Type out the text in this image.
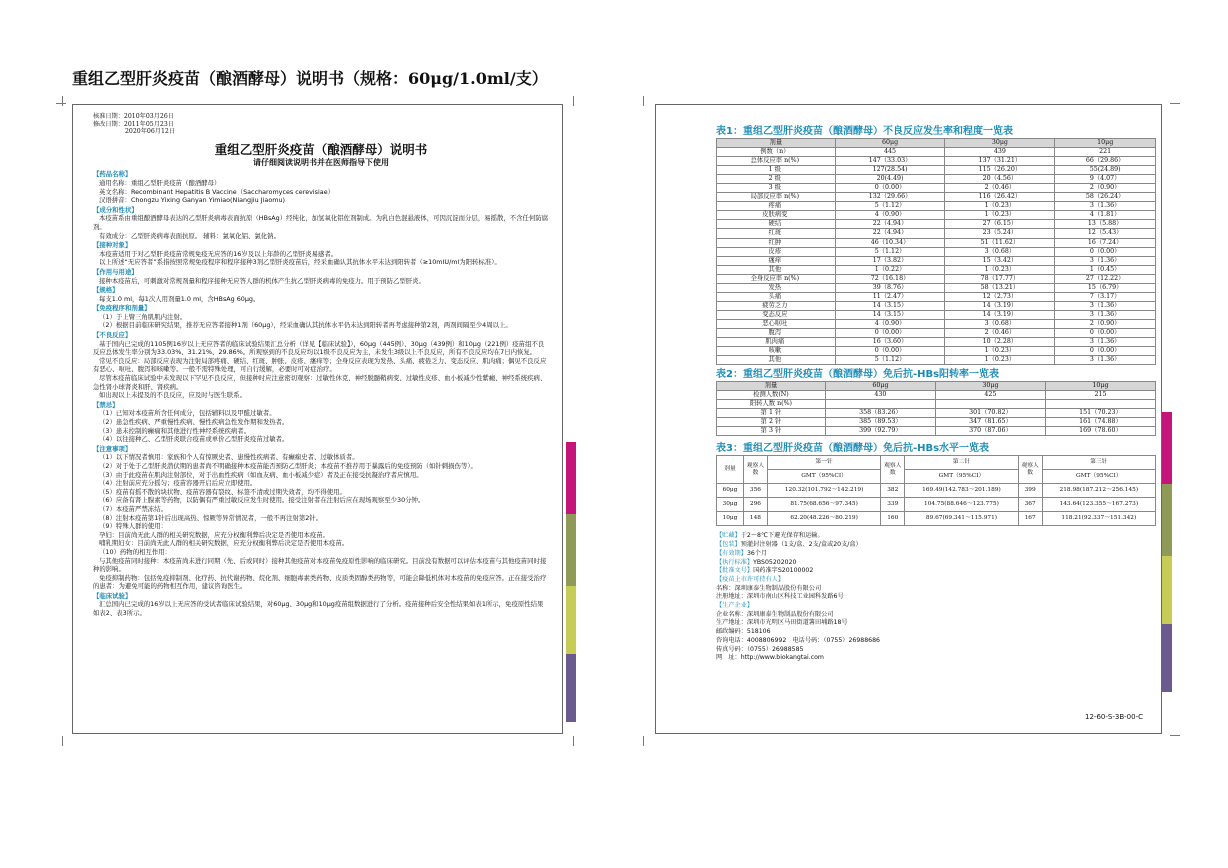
重组乙型肝炎疫苗（酿酒酵母）说明书（规格：60μg/1.0ml/支）
核准日期：2010年03月26日
修改日期：2011年05月23日
2020年06月12日
重组乙型肝炎疫苗（酿酒酵母）说明书
请仔细阅读说明书并在医师指导下使用
【药品名称】

通用名称：重组乙型肝炎疫苗（酿酒酵母）

英文名称：Recombinant Hepatitis B Vaccine（Saccharomyces cerevisiae）

汉语拼音：Chongzu Yixing Ganyan Yimiao(Niangjiu Jiaomu)

【成分和性状】

本疫苗系由重组酿酒酵母表达的乙型肝炎病毒表面抗原（HBsAg）经纯化，加氢氧化铝佐剂制成。为乳白色混悬液体，可因沉淀而分层，易摇散，不含任何防腐剂。

有效成分：乙型肝炎病毒表面抗原。 辅料：氯氧化铝、氯化钠。

【接种对象】

本疫苗适用于对乙型肝炎疫苗常规免疫无应答的16岁及以上年龄的乙型肝炎易感者。

以上所述“无应答者”系指按照常规免疫程序和程序接种3剂乙型肝炎疫苗后，经采血确认其抗体水平未达到阳转者（≥10mIU/ml为阳转标准）。

【作用与用途】

接种本疫苗后，可刺激对常规剂量和程序接种无应答人群的机体产生抗乙型肝炎病毒的免疫力。用于预防乙型肝炎。

【规格】

每支1.0 ml，每1次人用剂量1.0 ml，含HBsAg 60μg。

【免疫程序和剂量】

（1）于上臂三角肌肌内注射。

（2）根据目前临床研究结果，推荐无应答者接种1剂（60μg），经采血确认其抗体水平仍未达到阳转者再考虑接种第2剂，两剂间隔至少4周以上。

【不良反应】

基于国内已完成的1105例16岁以上无应答者的临床试验结果汇总分析（详见【临床试验】），60μg（445例）、30μg（439例）和10μg（221例）疫苗组不良反应总体发生率分别为33.03%、31.21%、29.86%。所观察到的不良反应均以1级不良反应为主，未发生3级以上不良反应，所有不良反应均在7日内恢复。

常见不良反应：局部反应表现为注射局部疼痛、硬结、红斑、肿胀、皮疹、瘙痒等；全身反应表现为发热、头痛、疲倦乏力、变态反应、肌肉痛；偶见不良反应有恶心、呕吐、腹泻和咳嗽等。一般不需特殊处理，可自行缓解，必要时可对症治疗。

尽管本疫苗临床试验中未发现以下罕见不良反应，但接种时应注意密切观察：过敏性休克、神经脱髓鞘病变、过敏性皮疹、血小板减少性紫癜、神经系统疾病、急性肾小球肾炎和肝、肾疾病。

如出现以上未提及的不良反应，应及时与医生联系。

【禁忌】

（1）已知对本疫苗所含任何成分，包括辅料以及甲醛过敏者。

（2）患急性疾病、严重慢性疾病、慢性疾病急性发作期和发热者。

（3）患未控制的癫痫和其他进行性神经系统疾病者。

（4）以往接种乙、乙型肝炎联合疫苗或单价乙型肝炎疫苗过敏者。

【注意事项】

（1）以下情况者慎用：家族和个人有惊厥史者、患慢性疾病者、有癫痫史者、过敏体质者。

（2）对于处于乙型肝炎潜伏期的患者尚不明确接种本疫苗能否预防乙型肝炎；本疫苗不推荐用于暴露后的免疫预防（如针刺损伤等）。

（3）由于此疫苗在肌肉注射部位，对于出血性疾病（如血友病、血小板减少症）者及正在接受抗凝治疗者应慎用。

（4）注射前应充分摇匀；疫苗容器开启后应立即使用。

（5）疫苗有摇不散的块状物、疫苗容器有裂纹、标签不清或过期失效者，均不得使用。

（6）应备有肾上腺素等药物，以防偶有严重过敏反应发生时使用。接受注射者在注射后应在现场观察至少30分钟。

（7）本疫苗严禁冻结。

（8）注射本疫苗第1针后出现高热、惊厥等异常情况者，一般不再注射第2针。

（9）特殊人群的使用：

孕妇：目前尚无此人群的相关研究数据，应充分权衡利弊后决定是否使用本疫苗。

哺乳期妇女：目前尚无此人群的相关研究数据，应充分权衡利弊后决定是否使用本疫苗。

（10）药物的相互作用：

与其他疫苗同时接种：本疫苗尚未进行同期（先、后或同时）接种其他疫苗对本疫苗免疫原性影响的临床研究。目前没有数据可以评估本疫苗与其他疫苗同时接种的影响。

免疫抑制药物：包括免疫抑制剂、化疗药、抗代谢药物、烷化剂、细胞毒素类药物、皮质类固醇类药物等，可能会降低机体对本疫苗的免疫应答。正在接受治疗的患者：为避免可能的药物相互作用，建议咨询医生。

【临床试验】

汇总国内已完成的16岁以上无应答的受试者临床试验结果，对60μg、30μg和10μg疫苗组数据进行了分析。疫苗接种后安全性结果如表1所示，免疫原性结果如表2、表3所示。

表1：重组乙型肝炎疫苗（酿酒酵母）不良反应发生率和程度一览表
剂量	60μg	30μg	10μg
例数（n）	445	439	221
总体反应率 n(%)	147（33.03）	137（31.21）	66（29.86）
1 级	127(28.54)	115（26.20）	55(24.89)
2 级	20(4.49)	20（4.56）	9（4.07）
3 级	0（0.00）	2（0.46）	2（0.90）
局部反应率 n(%)	132（29.66）	116（26.42）	58（26.24）
疼痛	5（1.12）	1（0.23）	3（1.36）
皮肤病变	4（0.90）	1（0.23）	4（1.81）
硬结	22（4.94）	27（6.15）	13（5.88）
红斑	22（4.94）	23（5.24）	12（5.43）
红肿	46（10.34）	51（11.62）	16（7.24）
皮疹	5（1.12）	3（0.68）	0（0.00）
瘙痒	17（3.82）	15（3.42）	3（1.36）
其他	1（0.22）	1（0.23）	1（0.45）
全身反应率 n(%)	72（16.18）	78（17.77）	27（12.22）
发热	39（8.76）	58（13.21）	15（6.79）
头痛	11（2.47）	12（2.73）	7（3.17）
疲劳乏力	14（3.15）	14（3.19）	3（1.36）
变态反应	14（3.15）	14（3.19）	3（1.36）
恶心呕吐	4（0.90）	3（0.68）	2（0.90）
腹泻	0（0.00）	2（0.46）	0（0.00）
肌肉痛	16（3.60）	10（2.28）	3（1.36）
咳嗽	0（0.00）	1（0.23）	0（0.00）
其他	5（1.12）	1（0.23）	3（1.36）
表2：重组乙型肝炎疫苗（酿酒酵母）免后抗-HBs阳转率一览表
剂量	60μg	30μg	10μg
检测人数(N)	430	425	215
阳转人数 n(%)			
第 1 针	358（83.26）	301（70.82）	151（70.23）
第 2 针	385（89.53）	347（81.65）	161（74.88）
第 3 针	399（92.79）	370（87.06）	169（78.60）
表3：重组乙型肝炎疫苗（酿酒酵母）免后抗-HBs水平一览表
剂量	观察人数	第一针	观察人数	第二针	观察人数	第三针
		GMT（95%CI）		GMT（95%CI）		GMT（95%CI）
60μg	356	120.32(101.792～142.219)	382	169.49(142.783～201.189)	399	218.98(187.212～256.145)
30μg	296	81.75(68.656～97.345)	339	104.75(88.646～123.775)	367	143.64(123.355～167.273)
10μg	148	62.20(48.226～80.219)	160	89.67(69.341～115.971)	167	118.21(92.337～151.342)
【贮藏】于2～8℃下避光保存和运输。
【包装】预灌封注射器（1支/盒、2支/盒或20支/盒）
【有效期】36个月
【执行标准】YBS05202020
【批准文号】国药准字S20100002
【疫苗上市许可持有人】
名称：深圳康泰生物制品股份有限公司
注册地址：深圳市南山区科技工业园科发路6号
【生产企业】
企业名称：深圳康泰生物制品股份有限公司
生产地址：深圳市光明区马田街道薯田埔路18号
邮政编码：518106
咨询电话：4008806992　电话号码：（0755）26988686
传真号码：（0755）26988585
网　址：http://www.biokangtai.com
12-60-S-3B-00-C
